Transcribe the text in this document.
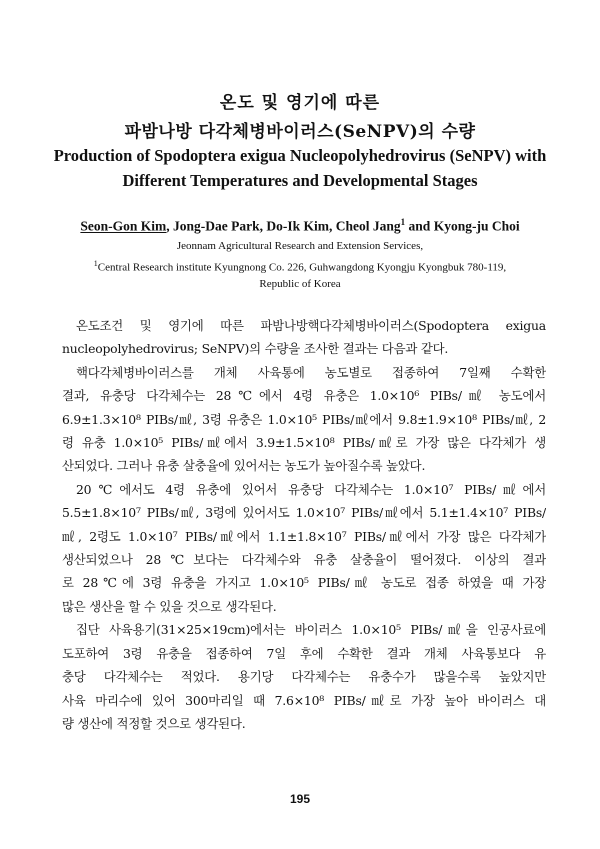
온도 및 영기에 따른
파밤나방 다각체병바이러스(SeNPV)의 수량
Production of Spodoptera exigua Nucleopolyhedrovirus (SeNPV) with
Different Temperatures and Developmental Stages
Seon-Gon Kim, Jong-Dae Park, Do-Ik Kim, Cheol Jang$^1$ and Kyong-ju Choi
Jeonnam Agricultural Research and Extension Services,
$^1$Central Research institute Kyungnong Co. 226, Guhwangdong Kyongju Kyongbuk 780-119,
Republic of Korea
온도조건 및 영기에 따른 파밤나방핵다각체병바이러스(Spodoptera exigua
nucleopolyhedrovirus; SeNPV)의 수량을 조사한 결과는 다음과 같다.
핵다각체병바이러스를 개체 사육통에 농도별로 접종하여 7일째 수확한
결과, 유충당 다각체수는 28℃에서 4령 유충은 1.0×10⁶ PIBs/㎖ 농도에서
6.9±1.3×10⁸ PIBs/㎖, 3령 유충은 1.0×10⁵ PIBs/㎖에서 9.8±1.9×10⁸ PIBs/㎖, 2
령 유충 1.0×10⁵ PIBs/㎖에서 3.9±1.5×10⁸ PIBs/㎖로 가장 많은 다각체가 생
산되었다. 그러나 유충 살충율에 있어서는 농도가 높아질수록 높았다.
20℃에서도 4령 유충에 있어서 유충당 다각체수는 1.0×10⁷ PIBs/㎖에서
5.5±1.8×10⁷ PIBs/㎖, 3령에 있어서도 1.0×10⁷ PIBs/㎖에서 5.1±1.4×10⁷ PIBs/
㎖, 2령도 1.0×10⁷ PIBs/㎖에서 1.1±1.8×10⁷ PIBs/㎖에서 가장 많은 다각체가
생산되었으나 28℃보다는 다각체수와 유충 살충율이 떨어졌다. 이상의 결과
로 28℃에 3령 유충을 가지고 1.0×10⁵ PIBs/㎖ 농도로 접종 하였을 때 가장
많은 생산을 할 수 있을 것으로 생각된다.
집단 사육용기(31×25×19cm)에서는 바이러스 1.0×10⁵ PIBs/㎖을 인공사료에
도포하여 3령 유충을 접종하여 7일 후에 수확한 결과 개체 사육통보다 유
충당 다각체수는 적었다. 용기당 다각체수는 유충수가 많을수록 높았지만
사육 마리수에 있어 300마리일 때 7.6×10⁸ PIBs/㎖로 가장 높아 바이러스 대
량 생산에 적정할 것으로 생각된다.
195
